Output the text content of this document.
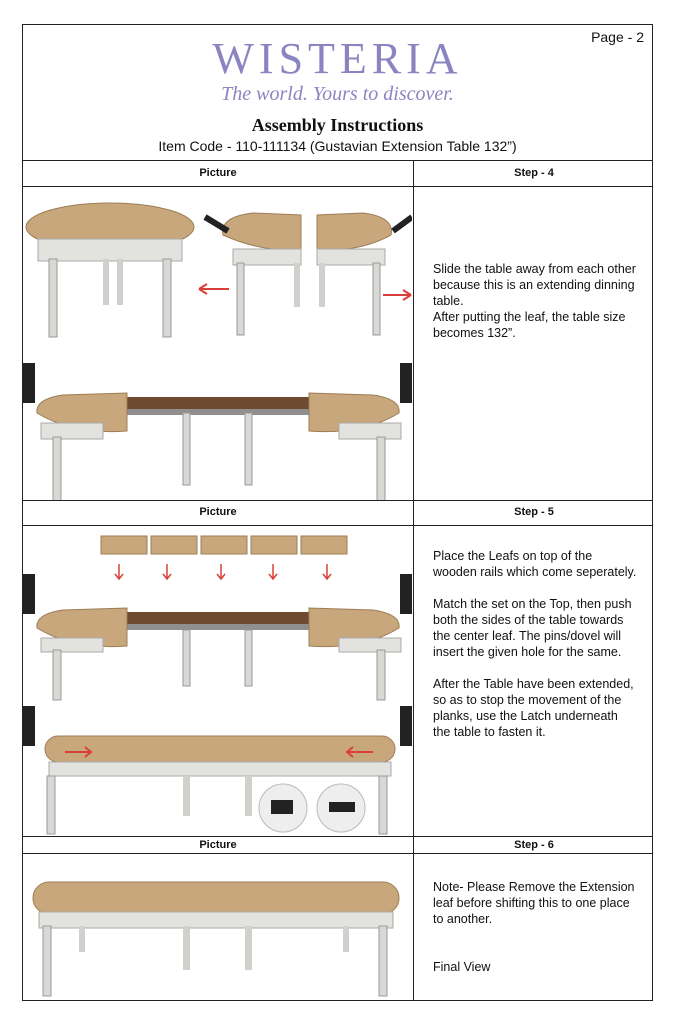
Page - 2
WISTERIA
The world. Yours to discover.
Assembly Instructions
Item Code - 110-111134 (Gustavian Extension Table 132”)
Picture	Step - 4

Slide the table away from each other because this is an extending dinning table.

After putting the leaf, the table size becomes 132”.

Picture	Step - 5

Place the Leafs on top of the wooden rails which come seperately.

Match the set on the Top, then push both the sides of the table towards the center leaf. The pins/dovel will insert the given hole for the same.

After the Table have been extended, so as to stop the movement of the planks, use the Latch underneath the table to fasten it.

Picture	Step - 6

Note- Please Remove the Extension leaf before shifting this to one place to another.

Final View
